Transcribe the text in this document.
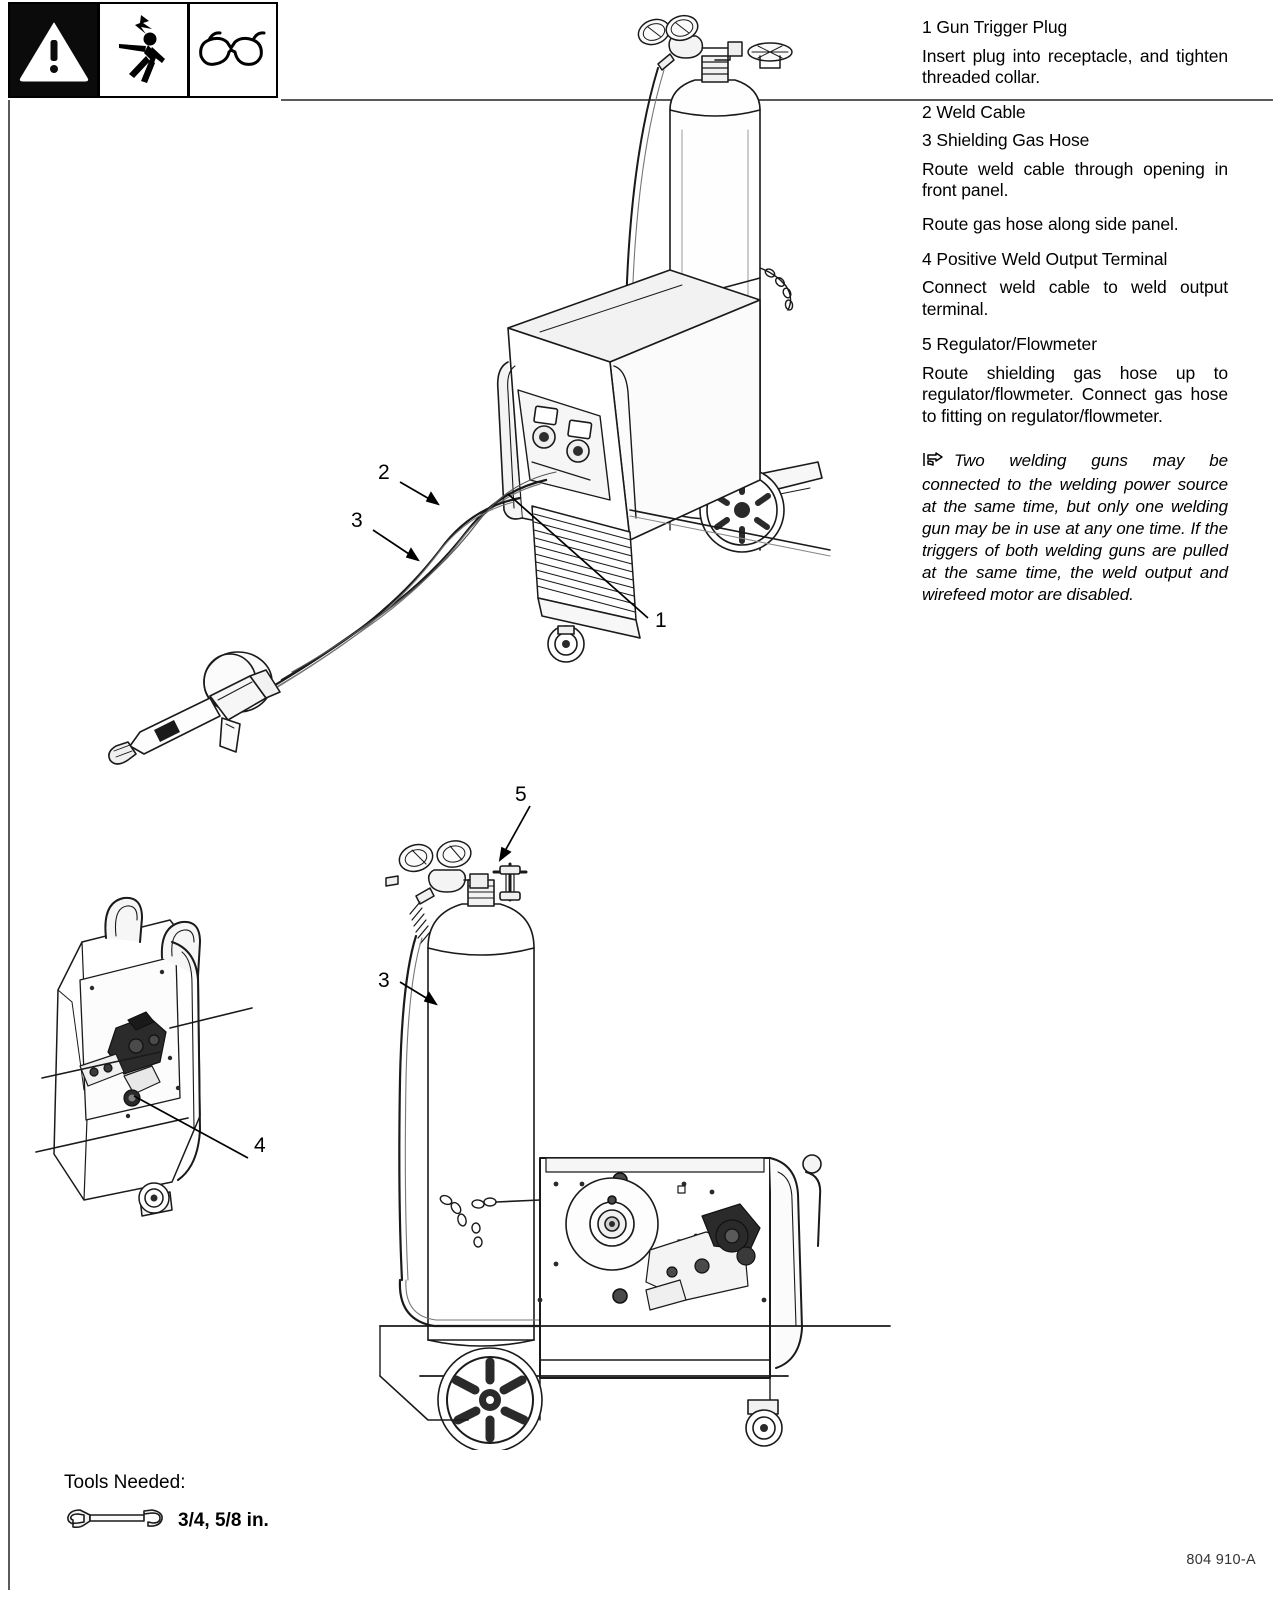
2
3
1
4
5
3

1 Gun Trigger Plug

Insert plug into receptacle, and tighten threaded collar.

2 Weld Cable

3 Shielding Gas Hose

Route weld cable through opening in front panel.

Route gas hose along side panel.

4 Positive Weld Output Terminal

Connect weld cable to weld output terminal.

5 Regulator/Flowmeter

Route shielding gas hose up to regulator/flowmeter. Connect gas hose to fitting on regulator/flowmeter.

Two welding guns may be connected to the welding power source at the same time, but only one welding gun may be in use at any one time. If the triggers of both welding guns are pulled at the same time, the weld output and wirefeed motor are disabled.

Tools Needed:

3/4, 5/8 in.
804 910-A
